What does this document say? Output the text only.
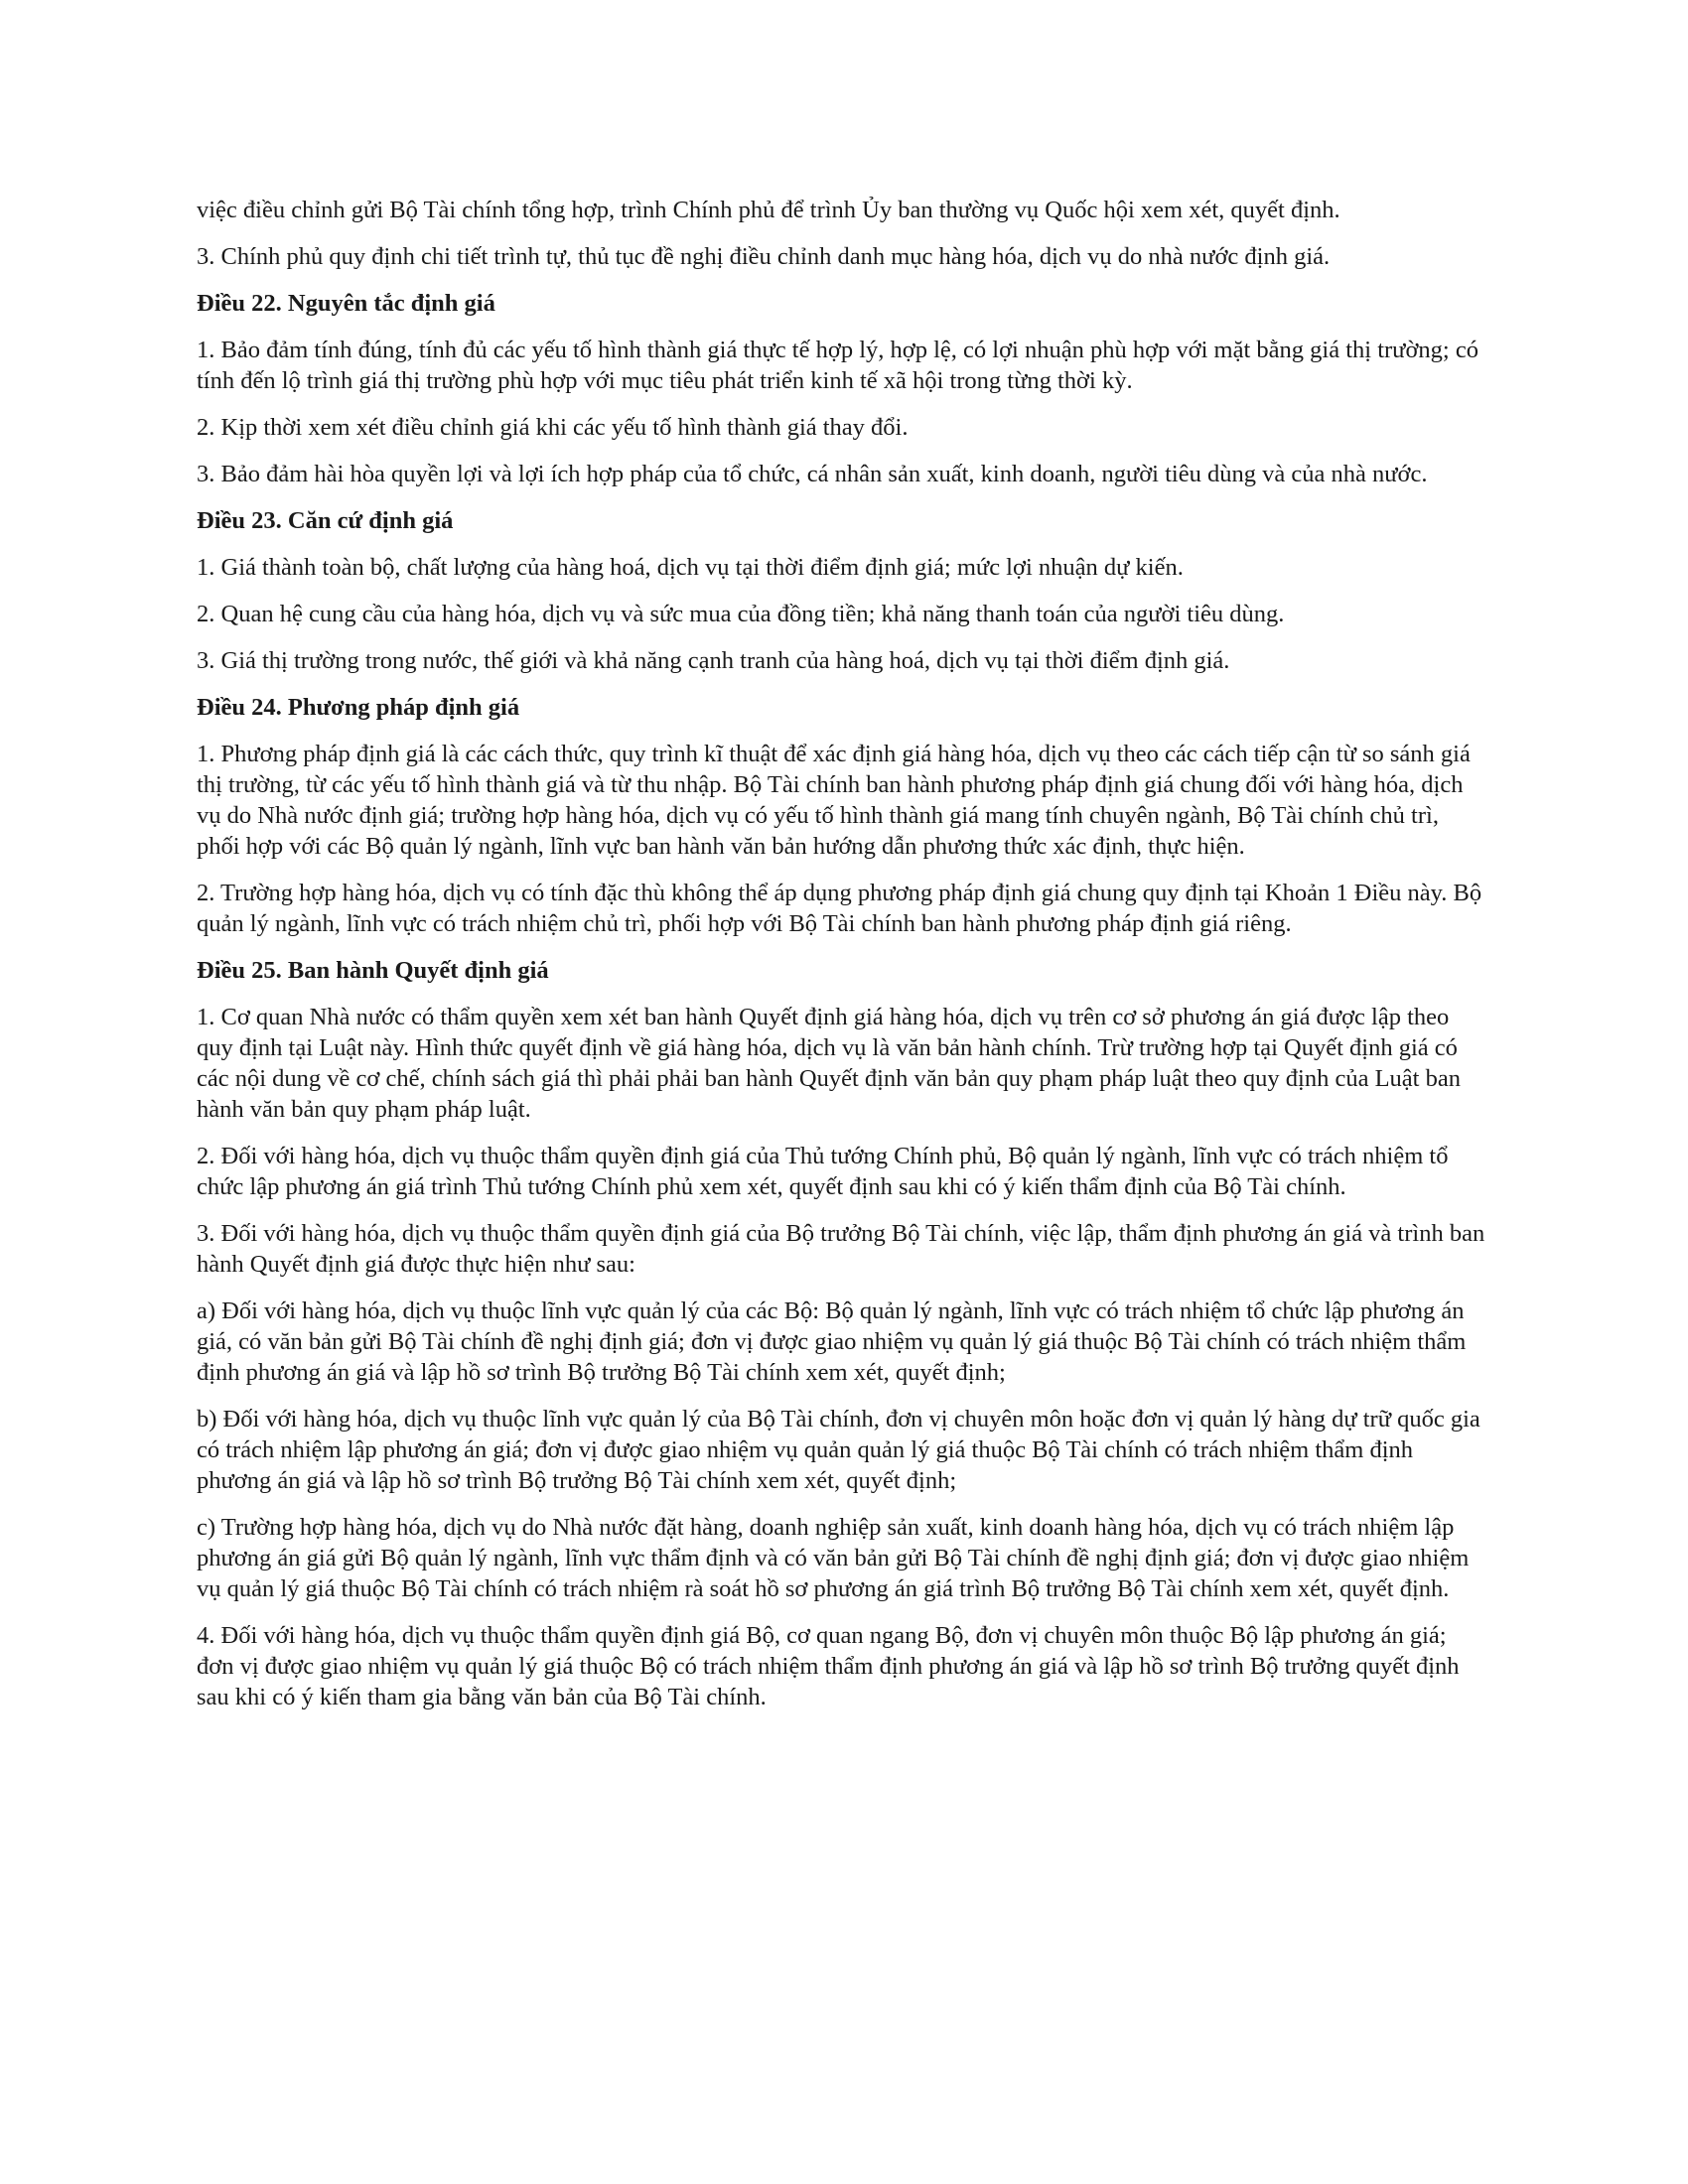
việc điều chỉnh gửi Bộ Tài chính tổng hợp, trình Chính phủ để trình Ủy ban thường vụ Quốc hội xem xét, quyết định.

3. Chính phủ quy định chi tiết trình tự, thủ tục đề nghị điều chỉnh danh mục hàng hóa, dịch vụ do nhà nước định giá.

Điều 22. Nguyên tắc định giá

1. Bảo đảm tính đúng, tính đủ các yếu tố hình thành giá thực tế hợp lý, hợp lệ, có lợi nhuận phù hợp với mặt bằng giá thị trường; có tính đến lộ trình giá thị trường phù hợp với mục tiêu phát triển kinh tế xã hội trong từng thời kỳ.

2. Kịp thời xem xét điều chỉnh giá khi các yếu tố hình thành giá thay đổi.

3. Bảo đảm hài hòa quyền lợi và lợi ích hợp pháp của tổ chức, cá nhân sản xuất, kinh doanh, người tiêu dùng và của nhà nước.

Điều 23. Căn cứ định giá

1. Giá thành toàn bộ, chất lượng của hàng hoá, dịch vụ tại thời điểm định giá; mức lợi nhuận dự kiến.

2. Quan hệ cung cầu của hàng hóa, dịch vụ và sức mua của đồng tiền; khả năng thanh toán của người tiêu dùng.

3. Giá thị trường trong nước, thế giới và khả năng cạnh tranh của hàng hoá, dịch vụ tại thời điểm định giá.

Điều 24. Phương pháp định giá

1. Phương pháp định giá là các cách thức, quy trình kĩ thuật để xác định giá hàng hóa, dịch vụ theo các cách tiếp cận từ so sánh giá thị trường, từ các yếu tố hình thành giá và từ thu nhập. Bộ Tài chính ban hành phương pháp định giá chung đối với hàng hóa, dịch vụ do Nhà nước định giá; trường hợp hàng hóa, dịch vụ có yếu tố hình thành giá mang tính chuyên ngành, Bộ Tài chính chủ trì, phối hợp với các Bộ quản lý ngành, lĩnh vực ban hành văn bản hướng dẫn phương thức xác định, thực hiện.

2. Trường hợp hàng hóa, dịch vụ có tính đặc thù không thể áp dụng phương pháp định giá chung quy định tại Khoản 1 Điều này. Bộ quản lý ngành, lĩnh vực có trách nhiệm chủ trì, phối hợp với Bộ Tài chính ban hành phương pháp định giá riêng.

Điều 25. Ban hành Quyết định giá

1. Cơ quan Nhà nước có thẩm quyền xem xét ban hành Quyết định giá hàng hóa, dịch vụ trên cơ sở phương án giá được lập theo quy định tại Luật này. Hình thức quyết định về giá hàng hóa, dịch vụ là văn bản hành chính. Trừ trường hợp tại Quyết định giá có các nội dung về cơ chế, chính sách giá thì phải phải ban hành Quyết định văn bản quy phạm pháp luật theo quy định của Luật ban hành văn bản quy phạm pháp luật.

2. Đối với hàng hóa, dịch vụ thuộc thẩm quyền định giá của Thủ tướng Chính phủ, Bộ quản lý ngành, lĩnh vực có trách nhiệm tổ chức lập phương án giá trình Thủ tướng Chính phủ xem xét, quyết định sau khi có ý kiến thẩm định của Bộ Tài chính.

3. Đối với hàng hóa, dịch vụ thuộc thẩm quyền định giá của Bộ trưởng Bộ Tài chính, việc lập, thẩm định phương án giá và trình ban hành Quyết định giá được thực hiện như sau:

a) Đối với hàng hóa, dịch vụ thuộc lĩnh vực quản lý của các Bộ: Bộ quản lý ngành, lĩnh vực có trách nhiệm tổ chức lập phương án giá, có văn bản gửi Bộ Tài chính đề nghị định giá; đơn vị được giao nhiệm vụ quản lý giá thuộc Bộ Tài chính có trách nhiệm thẩm định phương án giá và lập hồ sơ trình Bộ trưởng Bộ Tài chính xem xét, quyết định;

b) Đối với hàng hóa, dịch vụ thuộc lĩnh vực quản lý của Bộ Tài chính, đơn vị chuyên môn hoặc đơn vị quản lý hàng dự trữ quốc gia có trách nhiệm lập phương án giá; đơn vị được giao nhiệm vụ quản quản lý giá thuộc Bộ Tài chính có trách nhiệm thẩm định phương án giá và lập hồ sơ trình Bộ trưởng Bộ Tài chính xem xét, quyết định;

c) Trường hợp hàng hóa, dịch vụ do Nhà nước đặt hàng, doanh nghiệp sản xuất, kinh doanh hàng hóa, dịch vụ có trách nhiệm lập phương án giá gửi Bộ quản lý ngành, lĩnh vực thẩm định và có văn bản gửi Bộ Tài chính đề nghị định giá; đơn vị được giao nhiệm vụ quản lý giá thuộc Bộ Tài chính có trách nhiệm rà soát hồ sơ phương án giá trình Bộ trưởng Bộ Tài chính xem xét, quyết định.

4. Đối với hàng hóa, dịch vụ thuộc thẩm quyền định giá Bộ, cơ quan ngang Bộ, đơn vị chuyên môn thuộc Bộ lập phương án giá; đơn vị được giao nhiệm vụ quản lý giá thuộc Bộ có trách nhiệm thẩm định phương án giá và lập hồ sơ trình Bộ trưởng quyết định sau khi có ý kiến tham gia bằng văn bản của Bộ Tài chính.
